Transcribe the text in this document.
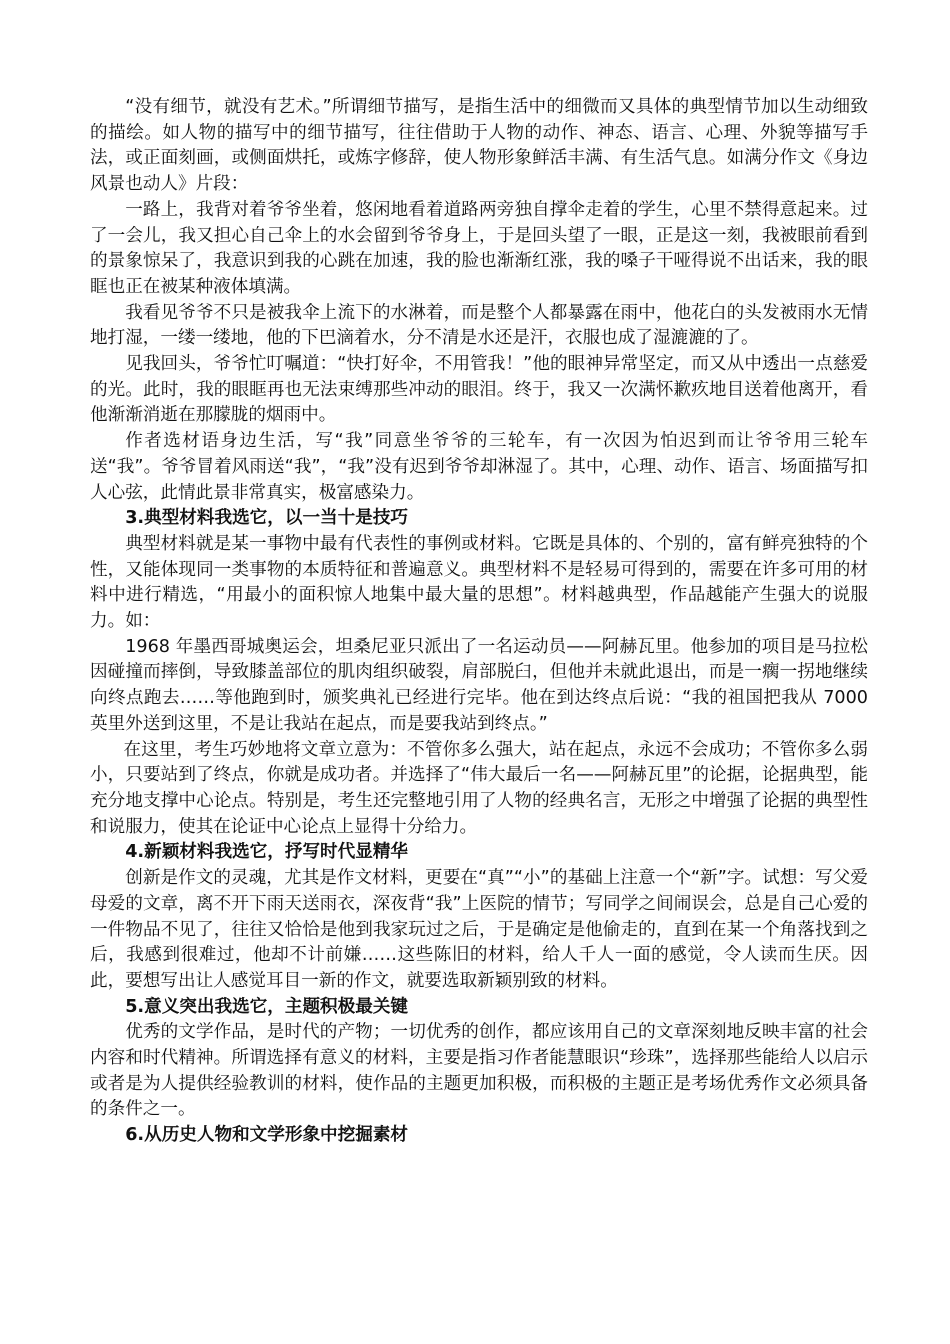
“没有细节，就没有艺术。”所谓细节描写，是指生活中的细微而又具体的典型情节加以生动细致的描绘。如人物的描写中的细节描写，往往借助于人物的动作、神态、语言、心理、外貌等描写手法，或正面刻画，或侧面烘托，或炼字修辞，使人物形象鲜活丰满、有生活气息。如满分作文《身边风景也动人》片段：

一路上，我背对着爷爷坐着，悠闲地看着道路两旁独自撑伞走着的学生，心里不禁得意起来。过了一会儿，我又担心自己伞上的水会留到爷爷身上，于是回头望了一眼，正是这一刻，我被眼前看到的景象惊呆了，我意识到我的心跳在加速，我的脸也渐渐红涨，我的嗓子干哑得说不出话来，我的眼眶也正在被某种液体填满。

我看见爷爷不只是被我伞上流下的水淋着，而是整个人都暴露在雨中，他花白的头发被雨水无情地打湿，一缕一缕地，他的下巴滴着水，分不清是水还是汗，衣服也成了湿漉漉的了。

见我回头，爷爷忙叮嘱道：“快打好伞，不用管我！”他的眼神异常坚定，而又从中透出一点慈爱的光。此时，我的眼眶再也无法束缚那些冲动的眼泪。终于，我又一次满怀歉疚地目送着他离开，看他渐渐消逝在那朦胧的烟雨中。

作者选材语身边生活，写“我”同意坐爷爷的三轮车，有一次因为怕迟到而让爷爷用三轮车送“我”。爷爷冒着风雨送“我”，“我”没有迟到爷爷却淋湿了。其中，心理、动作、语言、场面描写扣人心弦，此情此景非常真实，极富感染力。

3.典型材料我选它，以一当十是技巧

典型材料就是某一事物中最有代表性的事例或材料。它既是具体的、个别的，富有鲜亮独特的个性，又能体现同一类事物的本质特征和普遍意义。典型材料不是轻易可得到的，需要在许多可用的材料中进行精选，“用最小的面积惊人地集中最大量的思想”。材料越典型，作品越能产生强大的说服力。如：

1968 年墨西哥城奥运会，坦桑尼亚只派出了一名运动员——阿赫瓦里。他参加的项目是马拉松因碰撞而摔倒，导致膝盖部位的肌肉组织破裂，肩部脱臼，但他并未就此退出，而是一瘸一拐地继续向终点跑去……等他跑到时，颁奖典礼已经进行完毕。他在到达终点后说：“我的祖国把我从 7000 英里外送到这里，不是让我站在起点，而是要我站到终点。”

在这里，考生巧妙地将文章立意为：不管你多么强大，站在起点，永远不会成功；不管你多么弱小，只要站到了终点，你就是成功者。并选择了“伟大最后一名——阿赫瓦里”的论据，论据典型，能充分地支撑中心论点。特别是，考生还完整地引用了人物的经典名言，无形之中增强了论据的典型性和说服力，使其在论证中心论点上显得十分给力。

4.新颖材料我选它，抒写时代显精华

创新是作文的灵魂，尤其是作文材料，更要在“真”“小”的基础上注意一个“新”字。试想：写父爱母爱的文章，离不开下雨天送雨衣，深夜背“我”上医院的情节；写同学之间闹误会，总是自己心爱的一件物品不见了，往往又恰恰是他到我家玩过之后，于是确定是他偷走的，直到在某一个角落找到之后，我感到很难过，他却不计前嫌……这些陈旧的材料，给人千人一面的感觉，令人读而生厌。因此，要想写出让人感觉耳目一新的作文，就要选取新颖别致的材料。

5.意义突出我选它，主题积极最关键

优秀的文学作品，是时代的产物；一切优秀的创作，都应该用自己的文章深刻地反映丰富的社会内容和时代精神。所谓选择有意义的材料，主要是指习作者能慧眼识“珍珠”，选择那些能给人以启示或者是为人提供经验教训的材料，使作品的主题更加积极，而积极的主题正是考场优秀作文必须具备的条件之一。

6.从历史人物和文学形象中挖掘素材
